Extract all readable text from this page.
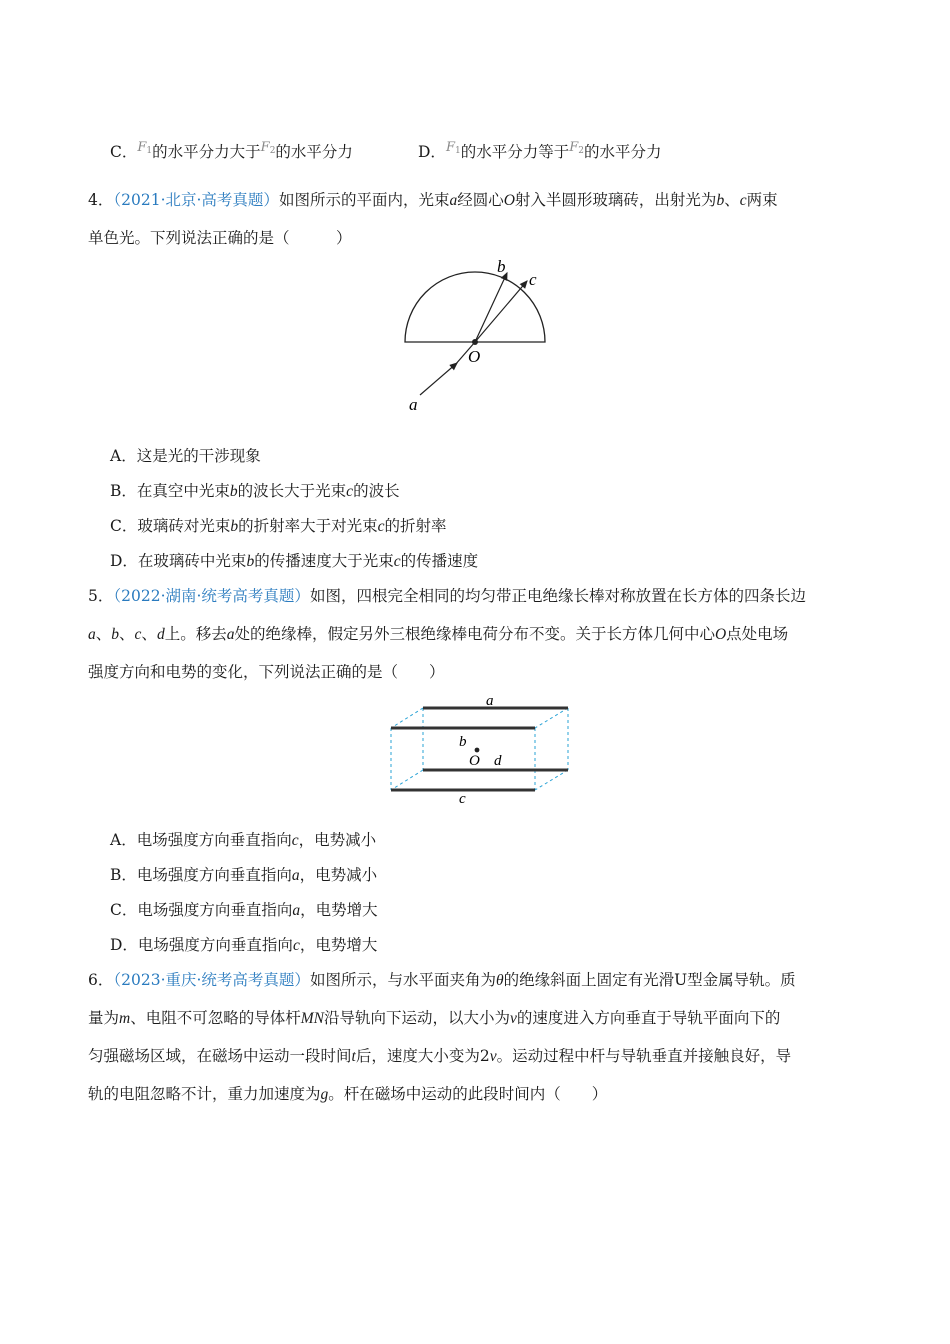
C．$^{F1}$的水平分力大于$^{F2}$的水平分力	D．$^{F1}$的水平分力等于$^{F2}$的水平分力
4．（2021·北京·高考真题）如图所示的平面内，光束a经圆心O射入半圆形玻璃砖，出射光为b、c两束
单色光。下列说法正确的是（　　　）
b
c
O
a
A．这是光的干涉现象
B．在真空中光束b的波长大于光束c的波长
C．玻璃砖对光束b的折射率大于对光束c的折射率
D．在玻璃砖中光束b的传播速度大于光束c的传播速度
5．（2022·湖南·统考高考真题）如图，四根完全相同的均匀带正电绝缘长棒对称放置在长方体的四条长边
a、b、c、d上。移去a处的绝缘棒，假定另外三根绝缘棒电荷分布不变。关于长方体几何中心O点处电场
强度方向和电势的变化，下列说法正确的是（　　）
a
b
O d
c
A．电场强度方向垂直指向c，电势减小
B．电场强度方向垂直指向a，电势减小
C．电场强度方向垂直指向a，电势增大
D．电场强度方向垂直指向c，电势增大
6．（2023·重庆·统考高考真题）如图所示，与水平面夹角为θ的绝缘斜面上固定有光滑U型金属导轨。质
量为m、电阻不可忽略的导体杆MN沿导轨向下运动，以大小为v的速度进入方向垂直于导轨平面向下的
匀强磁场区域，在磁场中运动一段时间t后，速度大小变为2v。运动过程中杆与导轨垂直并接触良好，导
轨的电阻忽略不计，重力加速度为g。杆在磁场中运动的此段时间内（　　）
